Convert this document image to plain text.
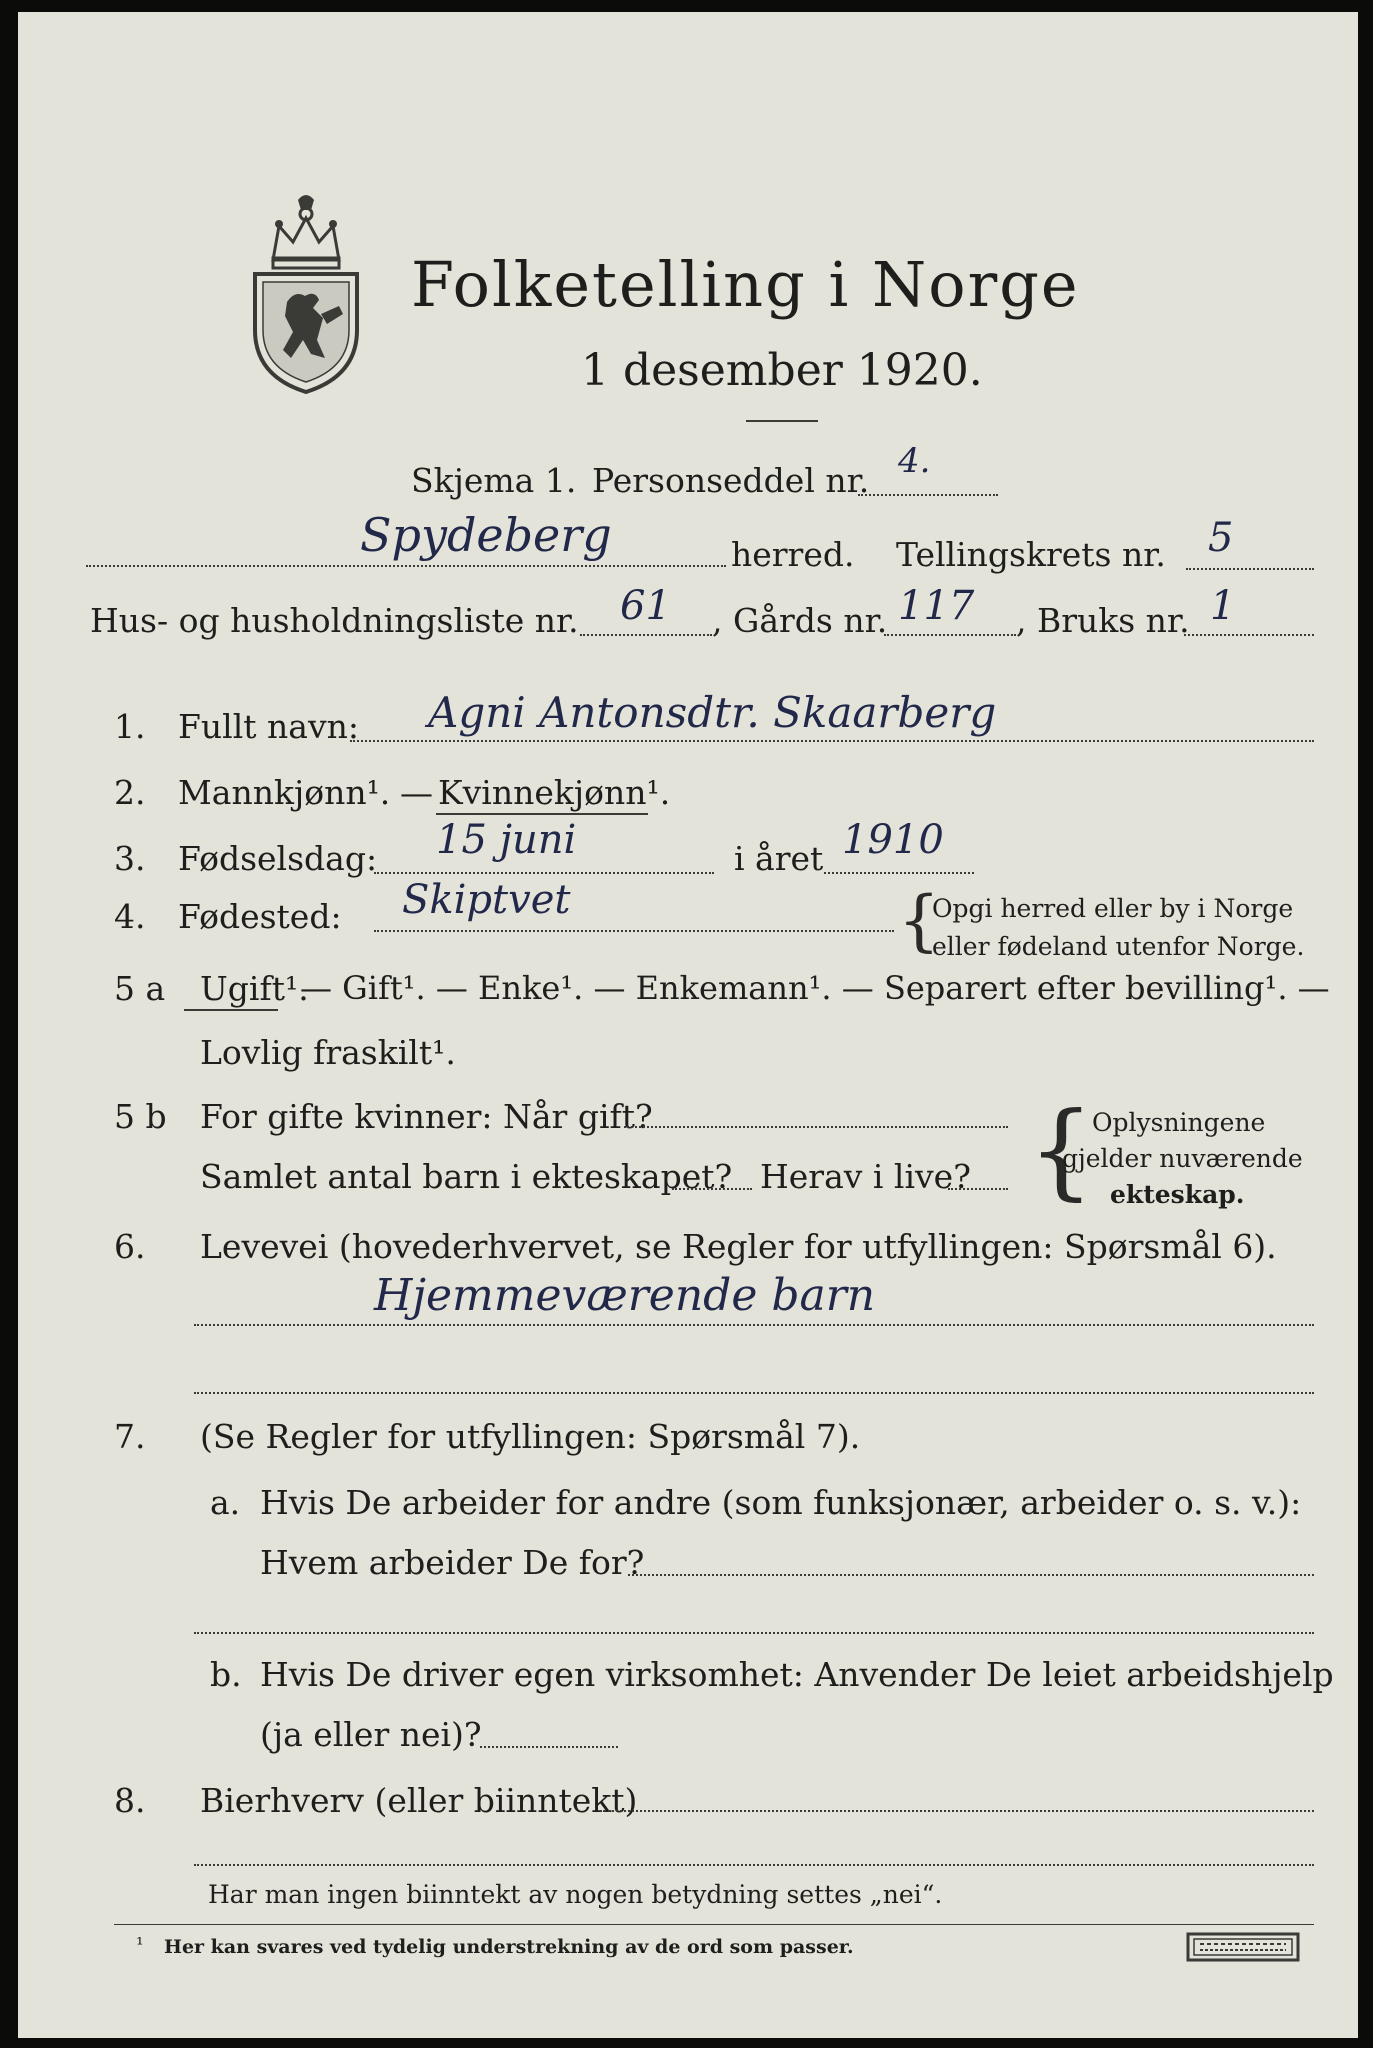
Folketelling i Norge
1 desember 1920.
Skjema 1. Personseddel nr. 4.
Spydeberg	herred. Tellingskrets nr. 5
Hus- og husholdningsliste nr. 61 , Gårds nr. 117 , Bruks nr. 1
1. Fullt navn: Agni Antonsdtr. Skaarberg
2. Mannkjønn¹. — Kvinnekjønn¹.
3. Fødselsdag: 15 juni	i året 1910
4. Fødested: Skiptvet	{
Opgi herred eller by i Norge
eller fødeland utenfor Norge.
5 a Ugift¹.
— Gift¹. — Enke¹. — Enkemann¹. — Separert efter bevilling¹. —
Lovlig fraskilt¹.
5 b For gifte kvinner: Når gift?
Samlet antal barn i ekteskapet? Herav i live? {
Oplysningene
gjelder nuværende
ekteskap.
6. Levevei (hovederhvervet, se Regler for utfyllingen: Spørsmål 6).
Hjemmeværende barn
7. (Se Regler for utfyllingen: Spørsmål 7).
a. Hvis De arbeider for andre (som funksjonær, arbeider o. s. v.):
Hvem arbeider De for?
b. Hvis De driver egen virksomhet: Anvender De leiet arbeidshjelp
(ja eller nei)?
8. Bierhverv (eller biinntekt)
Har man ingen biinntekt av nogen betydning settes „nei“.
¹ Her kan svares ved tydelig understrekning av de ord som passer.
